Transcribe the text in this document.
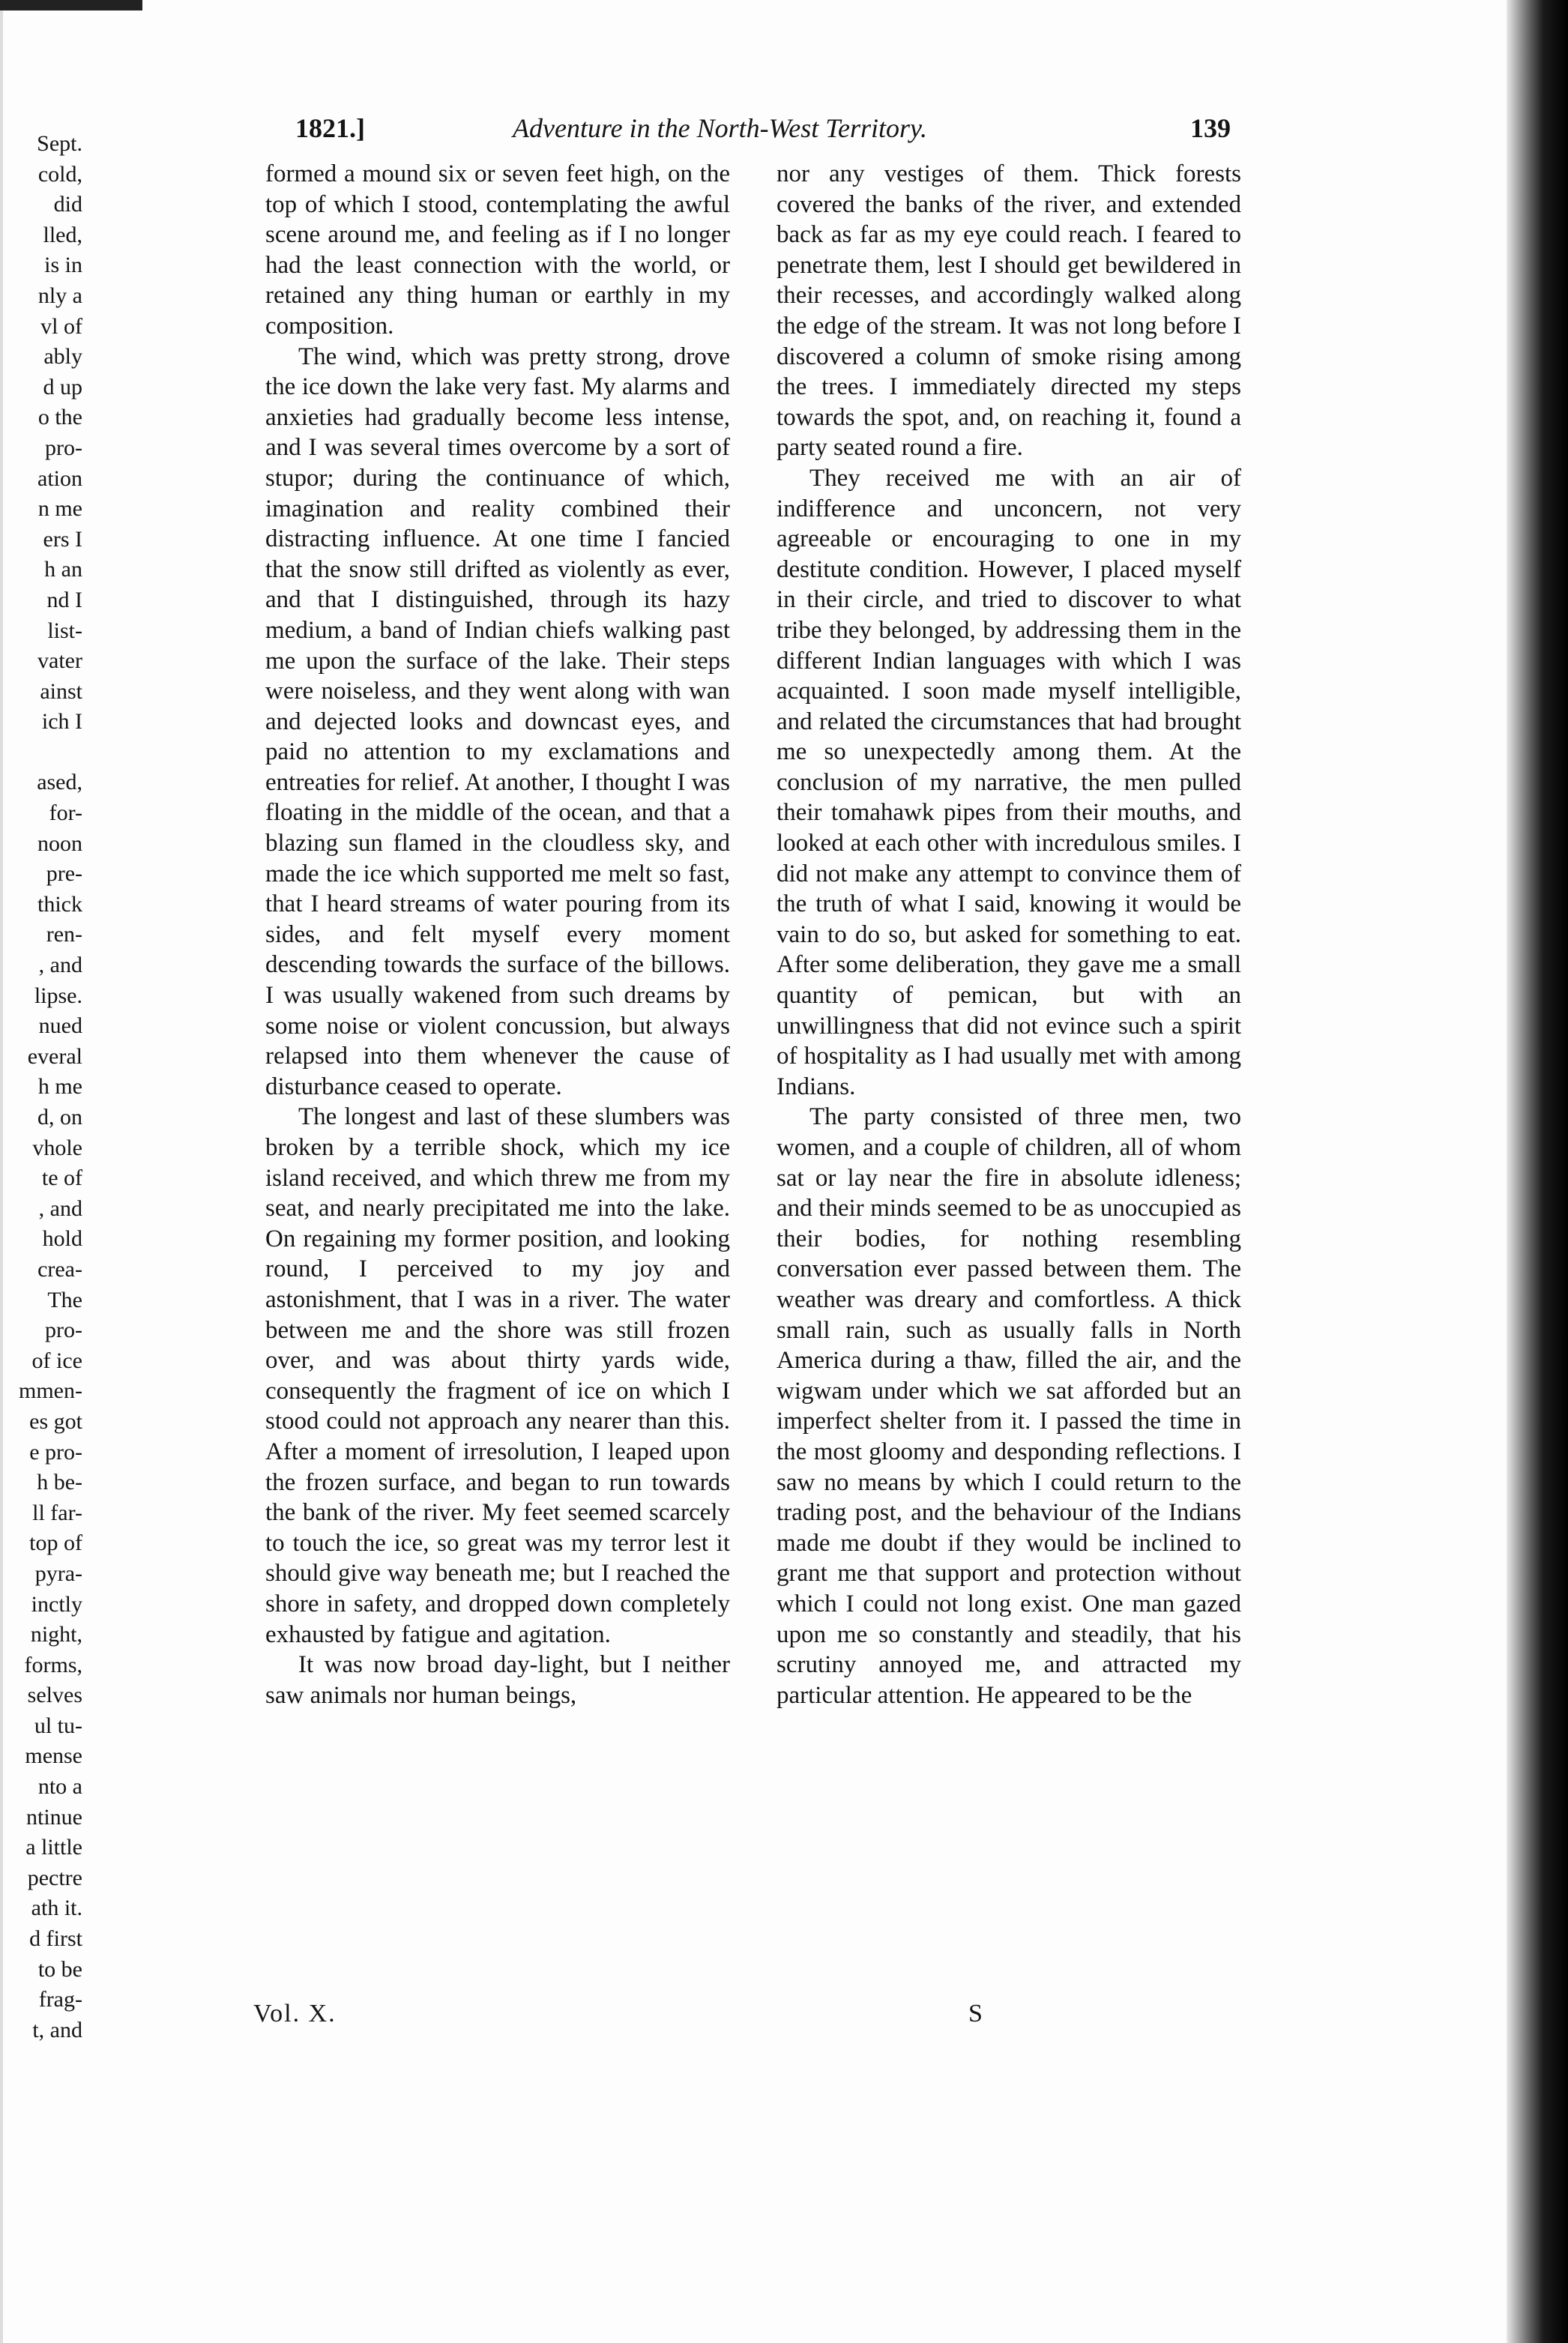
Sept.
cold,
did
lled,
is in
nly a
vl of
ably
d up
o the
pro-
ation
n me
ers I
h an
nd I
list-
vater
ainst
ich I
ased,
for-
noon
pre-
thick
ren-
, and
lipse.
nued
everal
h me
d, on
vhole
te of
, and
hold
crea-
The
pro-
of ice
mmen-
es got
e pro-
h be-
ll far-
top of
pyra-
inctly
night,
forms,
selves
ul tu-
mense
nto a
ntinue
a little
pectre
ath it.
d first
to be
frag-
t, and
1821.]	Adventure in the North-West Territory.	139

formed a mound six or seven feet high, on the top of which I stood, contemplating the awful scene around me, and feeling as if I no longer had the least connection with the world, or retained any thing human or earthly in my composition.

The wind, which was pretty strong, drove the ice down the lake very fast. My alarms and anxieties had gradually become less intense, and I was several times overcome by a sort of stupor; during the continuance of which, imagination and reality combined their distracting influence. At one time I fancied that the snow still drifted as violently as ever, and that I distinguished, through its hazy medium, a band of Indian chiefs walking past me upon the surface of the lake. Their steps were noiseless, and they went along with wan and dejected looks and downcast eyes, and paid no attention to my exclamations and entreaties for relief. At another, I thought I was floating in the middle of the ocean, and that a blazing sun flamed in the cloudless sky, and made the ice which supported me melt so fast, that I heard streams of water pouring from its sides, and felt myself every moment descending towards the surface of the billows. I was usually wakened from such dreams by some noise or violent concussion, but always relapsed into them whenever the cause of disturbance ceased to operate.

The longest and last of these slumbers was broken by a terrible shock, which my ice island received, and which threw me from my seat, and nearly precipitated me into the lake. On regaining my former position, and looking round, I perceived to my joy and astonishment, that I was in a river. The water between me and the shore was still frozen over, and was about thirty yards wide, consequently the fragment of ice on which I stood could not approach any nearer than this. After a moment of irresolution, I leaped upon the frozen surface, and began to run towards the bank of the river. My feet seemed scarcely to touch the ice, so great was my terror lest it should give way beneath me; but I reached the shore in safety, and dropped down completely exhausted by fatigue and agitation.

It was now broad day-light, but I neither saw animals nor human beings,

nor any vestiges of them. Thick forests covered the banks of the river, and extended back as far as my eye could reach. I feared to penetrate them, lest I should get bewildered in their recesses, and accordingly walked along the edge of the stream. It was not long before I discovered a column of smoke rising among the trees. I immediately directed my steps towards the spot, and, on reaching it, found a party seated round a fire.

They received me with an air of indifference and unconcern, not very agreeable or encouraging to one in my destitute condition. However, I placed myself in their circle, and tried to discover to what tribe they belonged, by addressing them in the different Indian languages with which I was acquainted. I soon made myself intelligible, and related the circumstances that had brought me so unexpectedly among them. At the conclusion of my narrative, the men pulled their tomahawk pipes from their mouths, and looked at each other with incredulous smiles. I did not make any attempt to convince them of the truth of what I said, knowing it would be vain to do so, but asked for something to eat. After some deliberation, they gave me a small quantity of pemican, but with an unwillingness that did not evince such a spirit of hospitality as I had usually met with among Indians.

The party consisted of three men, two women, and a couple of children, all of whom sat or lay near the fire in absolute idleness; and their minds seemed to be as unoccupied as their bodies, for nothing resembling conversation ever passed between them. The weather was dreary and comfortless. A thick small rain, such as usually falls in North America during a thaw, filled the air, and the wigwam under which we sat afforded but an imperfect shelter from it. I passed the time in the most gloomy and desponding reflections. I saw no means by which I could return to the trading post, and the behaviour of the Indians made me doubt if they would be inclined to grant me that support and protection without which I could not long exist. One man gazed upon me so constantly and steadily, that his scrutiny annoyed me, and attracted my particular attention. He appeared to be the

Vol. X.	S
